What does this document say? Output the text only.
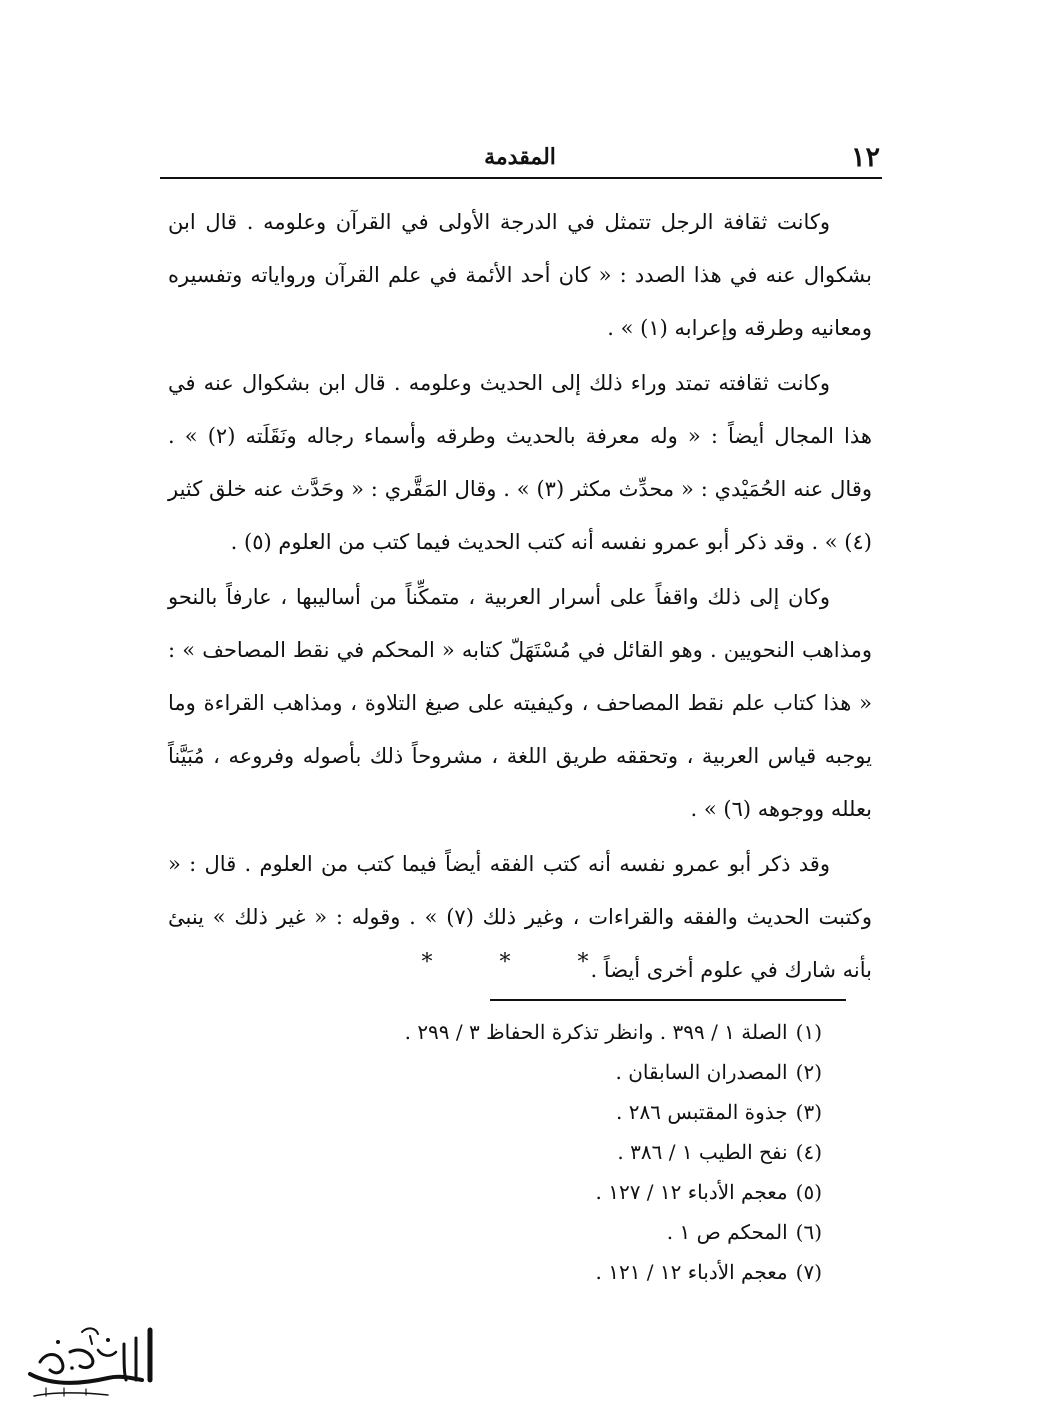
١٢
المقدمة

وكانت ثقافة الرجل تتمثل في الدرجة الأولى في القرآن وعلومه . قال ابن بشكوال عنه في هذا الصدد : « كان أحد الأئمة في علم القرآن ورواياته وتفسيره ومعانيه وطرقه وإعرابه (١) » .

وكانت ثقافته تمتد وراء ذلك إلى الحديث وعلومه . قال ابن بشكوال عنه في هذا المجال أيضاً : « وله معرفة بالحديث وطرقه وأسماء رجاله ونَقَلَته (٢) » . وقال عنه الحُمَيْدي : « محدِّث مكثر (٣) » . وقال المَقَّري : « وحَدَّث عنه خلق كثير (٤) » . وقد ذكر أبو عمرو نفسه أنه كتب الحديث فيما كتب من العلوم (٥) .

وكان إلى ذلك واقفاً على أسرار العربية ، متمكِّناً من أساليبها ، عارفاً بالنحو ومذاهب النحويين . وهو القائل في مُسْتَهَلّ كتابه « المحكم في نقط المصاحف » : « هذا كتاب علم نقط المصاحف ، وكيفيته على صيغ التلاوة ، ومذاهب القراءة وما يوجبه قياس العربية ، وتحققه طريق اللغة ، مشروحاً ذلك بأصوله وفروعه ، مُبَيَّناً بعلله ووجوهه (٦) » .

وقد ذكر أبو عمرو نفسه أنه كتب الفقه أيضاً فيما كتب من العلوم . قال : « وكتبت الحديث والفقه والقراءات ، وغير ذلك (٧) » . وقوله : « غير ذلك » ينبئ بأنه شارك في علوم أخرى أيضاً .

* * *
(١)الصلة ١ / ٣٩٩ . وانظر تذكرة الحفاظ ٣ / ٢٩٩ .
(٢)المصدران السابقان .
(٣)جذوة المقتبس ٢٨٦ .
(٤)نفح الطيب ١ / ٣٨٦ .
(٥)معجم الأدباء ١٢ / ١٢٧ .
(٦)المحكم ص ١ .
(٧)معجم الأدباء ١٢ / ١٢١ .
